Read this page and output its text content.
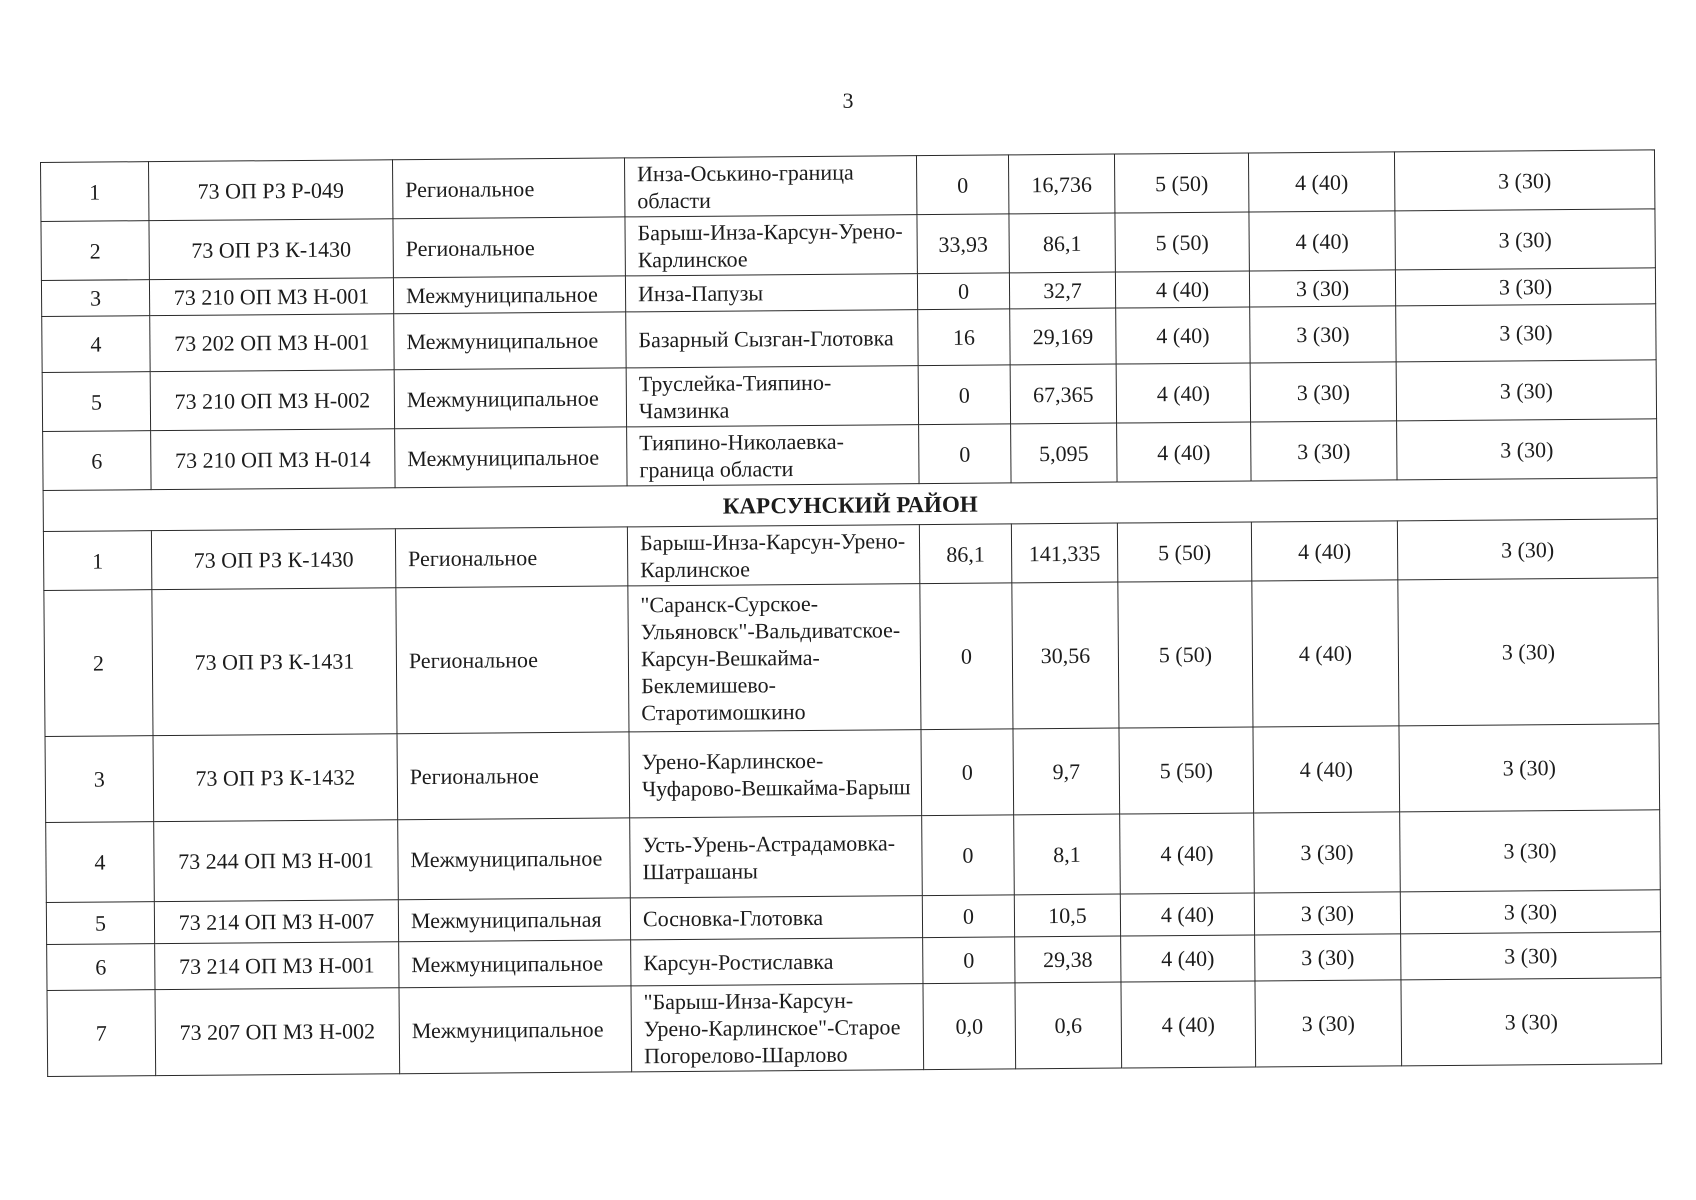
3
1	73 ОП РЗ Р-049	Региональное	Инза-Оськино-граница области	0	16,736	5 (50)	4 (40)	3 (30)
2	73 ОП РЗ К-1430	Региональное	Барыш-Инза-Карсун-Урено-Карлинское	33,93	86,1	5 (50)	4 (40)	3 (30)
3	73 210 ОП МЗ Н-001	Межмуниципальное	Инза-Папузы	0	32,7	4 (40)	3 (30)	3 (30)
4	73 202 ОП МЗ Н-001	Межмуниципальное	Базарный Сызган-Глотовка	16	29,169	4 (40)	3 (30)	3 (30)
5	73 210 ОП МЗ Н-002	Межмуниципальное	Труслейка-Тияпино-Чамзинка	0	67,365	4 (40)	3 (30)	3 (30)
6	73 210 ОП МЗ Н-014	Межмуниципальное	Тияпино-Николаевка-граница области	0	5,095	4 (40)	3 (30)	3 (30)
КАРСУНСКИЙ РАЙОН								
1	73 ОП РЗ К-1430	Региональное	Барыш-Инза-Карсун-Урено-Карлинское	86,1	141,335	5 (50)	4 (40)	3 (30)
2	73 ОП РЗ К-1431	Региональное	"Саранск-Сурское-Ульяновск"-Вальдиватское-Карсун-Вешкайма-Беклемишево-Старотимошкино	0	30,56	5 (50)	4 (40)	3 (30)
3	73 ОП РЗ К-1432	Региональное	Урено-Карлинское-Чуфарово-Вешкайма-Барыш	0	9,7	5 (50)	4 (40)	3 (30)
4	73 244 ОП МЗ Н-001	Межмуниципальное	Усть-Урень-Астрадамовка-Шатрашаны	0	8,1	4 (40)	3 (30)	3 (30)
5	73 214 ОП МЗ Н-007	Межмуниципальная	Сосновка-Глотовка	0	10,5	4 (40)	3 (30)	3 (30)
6	73 214 ОП МЗ Н-001	Межмуниципальное	Карсун-Ростиславка	0	29,38	4 (40)	3 (30)	3 (30)
7	73 207 ОП МЗ Н-002	Межмуниципальное	"Барыш-Инза-Карсун-Урено-Карлинское"-Старое Погорелово-Шарлово	0,0	0,6	4 (40)	3 (30)	3 (30)
